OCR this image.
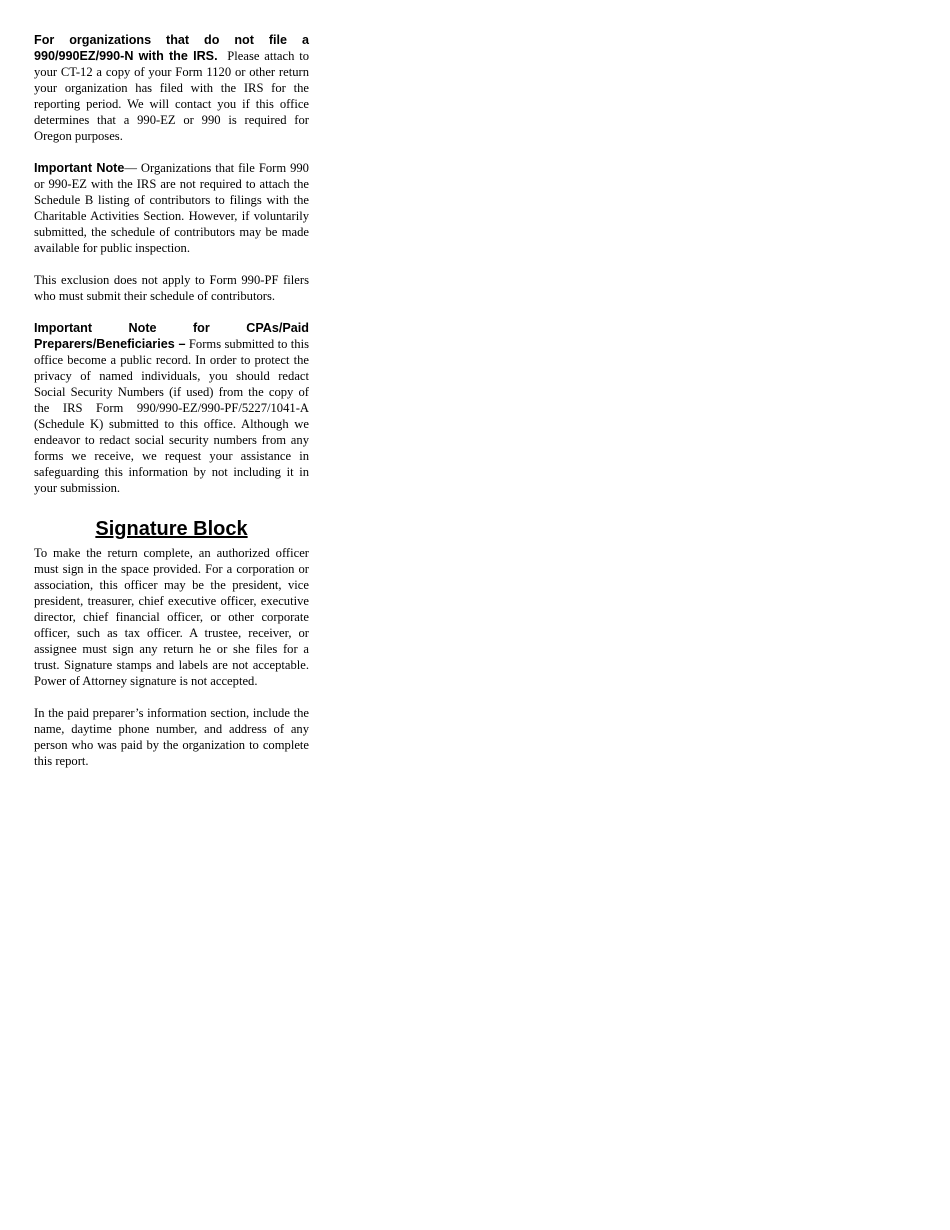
For organizations that do not file a 990/990EZ/990-N with the IRS. Please attach to your CT-12 a copy of your Form 1120 or other return your organization has filed with the IRS for the reporting period. We will contact you if this office determines that a 990-EZ or 990 is required for Oregon purposes.

Important Note— Organizations that file Form 990 or 990-EZ with the IRS are not required to attach the Schedule B listing of contributors to filings with the Charitable Activities Section. However, if voluntarily submitted, the schedule of contributors may be made available for public inspection.

This exclusion does not apply to Form 990-PF filers who must submit their schedule of contributors.

Important Note for CPAs/Paid Preparers/Beneficiaries – Forms submitted to this office become a public record. In order to protect the privacy of named individuals, you should redact Social Security Numbers (if used) from the copy of the IRS Form 990/990-EZ/990-PF/5227/1041-A (Schedule K) submitted to this office. Although we endeavor to redact social security numbers from any forms we receive, we request your assistance in safeguarding this information by not including it in your submission.

Signature Block

To make the return complete, an authorized officer must sign in the space provided. For a corporation or association, this officer may be the president, vice president, treasurer, chief executive officer, executive director, chief financial officer, or other corporate officer, such as tax officer. A trustee, receiver, or assignee must sign any return he or she files for a trust. Signature stamps and labels are not acceptable. Power of Attorney signature is not accepted.

In the paid preparer’s information section, include the name, daytime phone number, and address of any person who was paid by the organization to complete this report.
